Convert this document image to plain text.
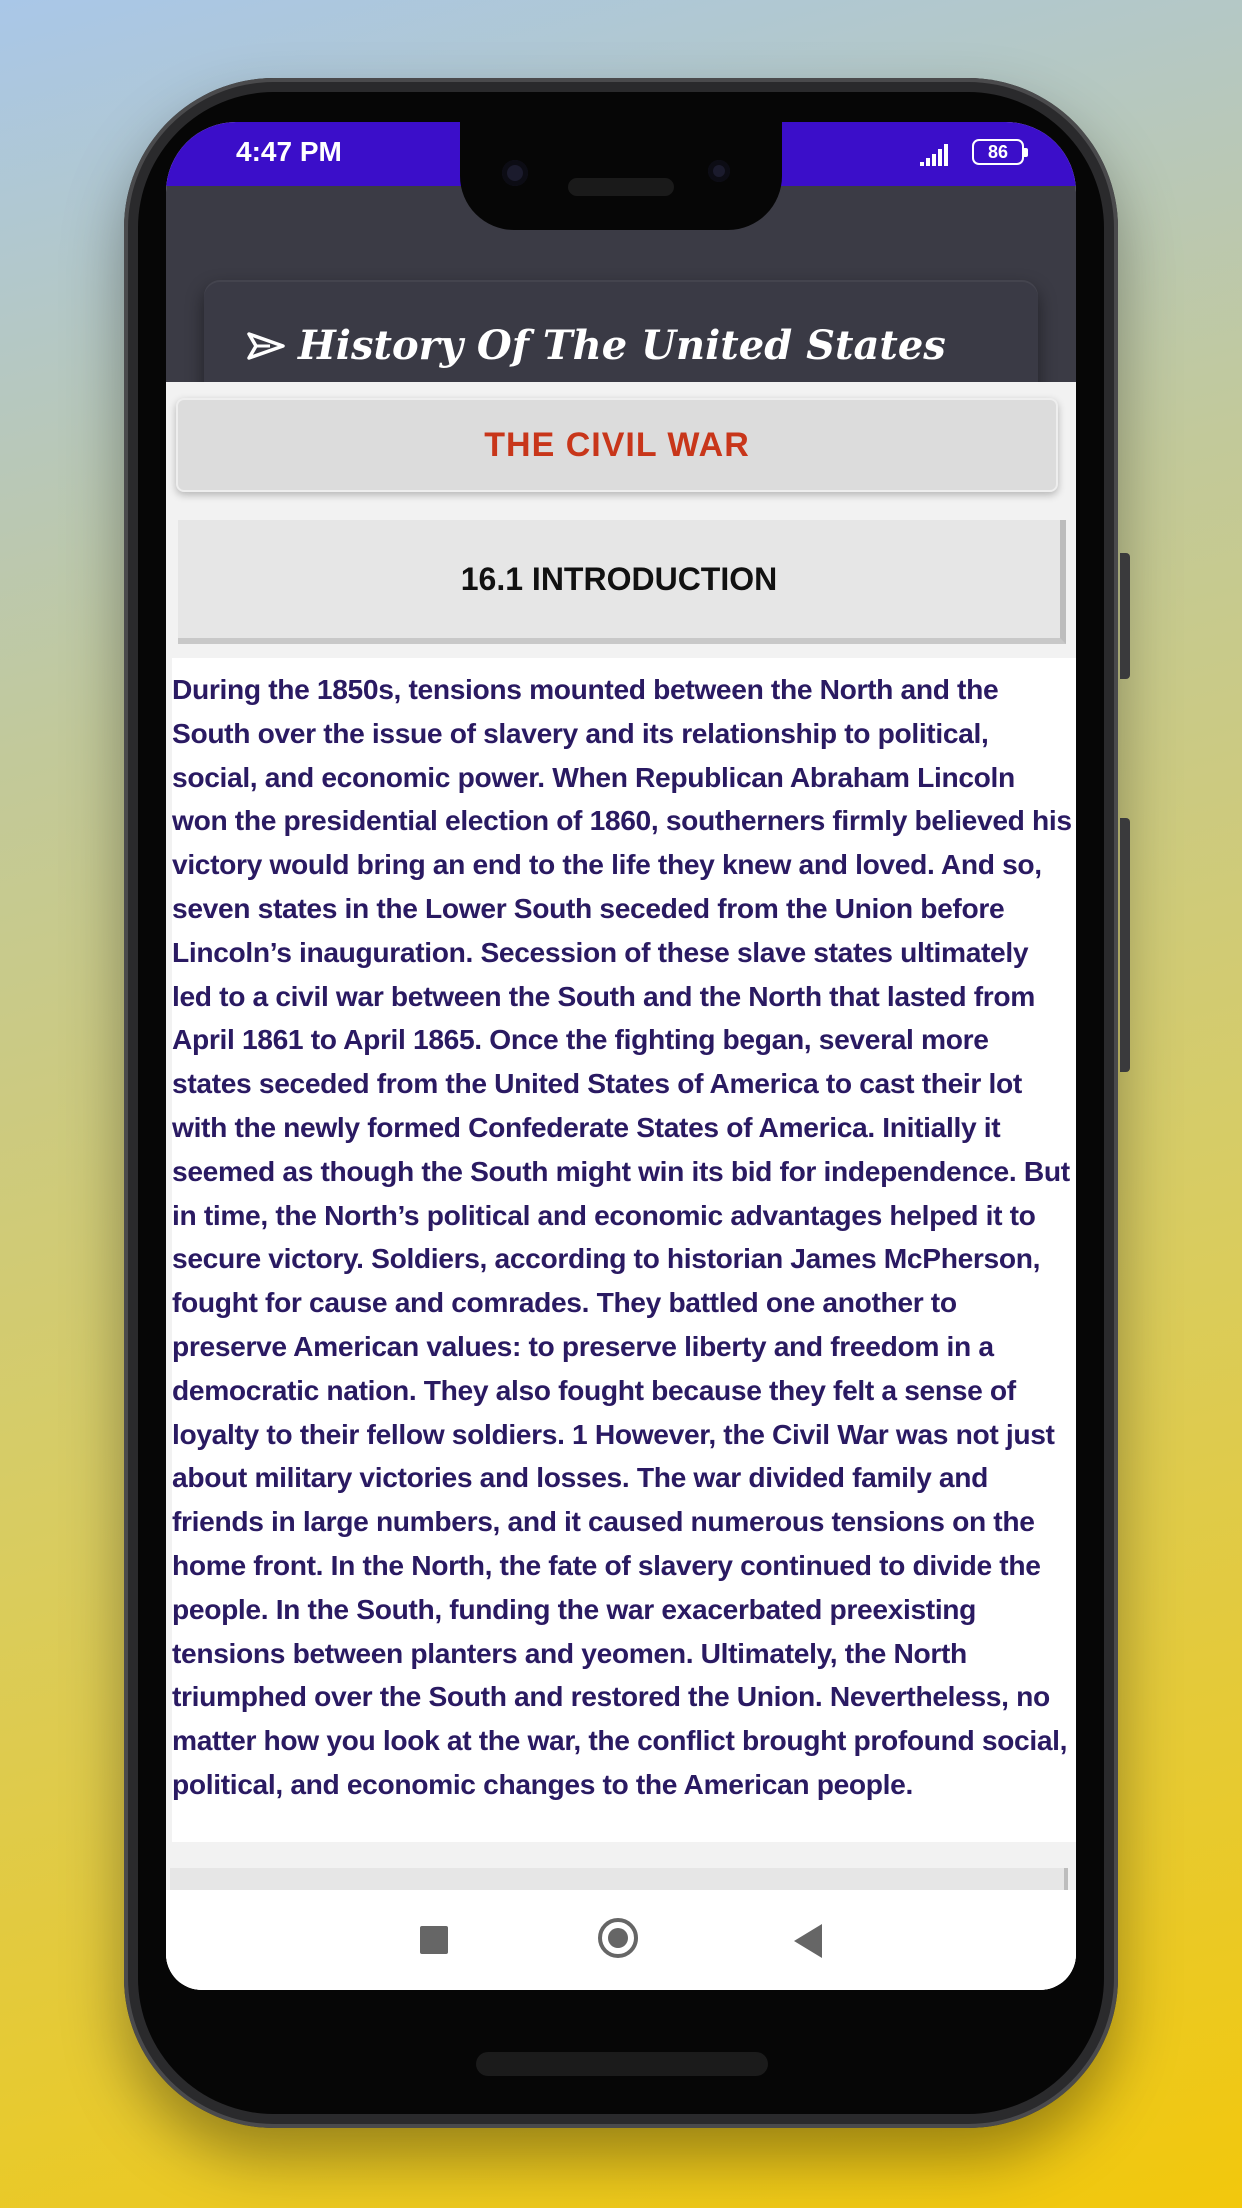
4:47 PM	86
History Of The United States
THE CIVIL WAR
16.1 INTRODUCTION

During the 1850s, tensions mounted between the North and the South over the issue of slavery and its relationship to political, social, and economic power. When Republican Abraham Lincoln won the presidential election of 1860, southerners firmly believed his victory would bring an end to the life they knew and loved. And so, seven states in the Lower South seceded from the Union before Lincoln’s inauguration. Secession of these slave states ultimately led to a civil war between the South and the North that lasted from April 1861 to April 1865. Once the fighting began, several more states seceded from the United States of America to cast their lot with the newly formed Confederate States of America. Initially it seemed as though the South might win its bid for independence. But in time, the North’s political and economic advantages helped it to secure victory. Soldiers, according to historian James McPherson, fought for cause and comrades. They battled one another to preserve American values: to preserve liberty and freedom in a democratic nation. They also fought because they felt a sense of loyalty to their fellow soldiers. 1 However, the Civil War was not just about military victories and losses. The war divided family and friends in large numbers, and it caused numerous tensions on the home front. In the North, the fate of slavery continued to divide the people. In the South, funding the war exacerbated preexisting tensions between planters and yeomen. Ultimately, the North triumphed over the South and restored the Union. Nevertheless, no matter how you look at the war, the conflict brought profound social, political, and economic changes to the American people.
